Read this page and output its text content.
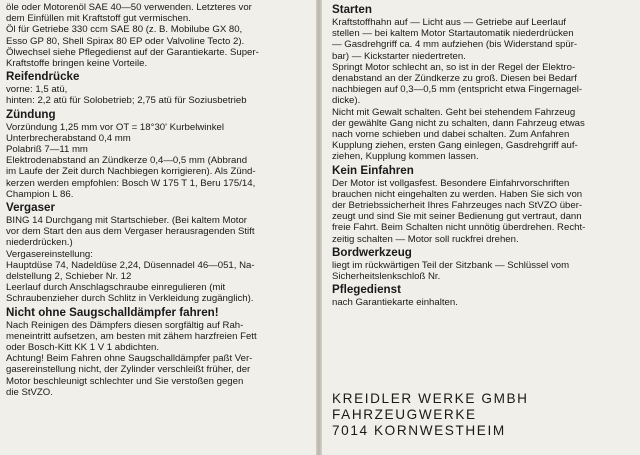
öle oder Motorenöl SAE 40—50 verwenden. Letzteres vor
dem Einfüllen mit Kraftstoff gut vermischen.
Öl für Getriebe 330 ccm SAE 80 (z. B. Mobilube GX 80,
Esso GP 80, Shell Spirax 80 EP oder Valvoline Tecto 2).
Ölwechsel siehe Pflegedienst auf der Garantiekarte. Super-
Kraftstoffe bringen keine Vorteile.

Reifendrücke

vorne: 1,5 atü,
hinten: 2,2 atü für Solobetrieb; 2,75 atü für Soziusbetrieb

Zündung

Vorzündung 1,25 mm vor OT = 18°30' Kurbelwinkel
Unterbrecherabstand 0,4 mm
Polabriß 7—11 mm
Elektrodenabstand an Zündkerze 0,4—0,5 mm (Abbrand
im Laufe der Zeit durch Nachbiegen korrigieren). Als Zünd-
kerzen werden empfohlen: Bosch W 175 T 1, Beru 175/14,
Champion L 86.

Vergaser

BING 14 Durchgang mit Startschieber. (Bei kaltem Motor
vor dem Start den aus dem Vergaser herausragenden Stift
niederdrücken.)
Vergasereinstellung:
Hauptdüse 74, Nadeldüse 2,24, Düsennadel 46—051, Na-
delstellung 2, Schieber Nr. 12
Leerlauf durch Anschlagschraube einregulieren (mit
Schraubenzieher durch Schlitz in Verkleidung zugänglich).

Nicht ohne Saugschalldämpfer fahren!

Nach Reinigen des Dämpfers diesen sorgfältig auf Rah-
meneintritt aufsetzen, am besten mit zähem harzfreien Fett
oder Bosch-Kitt KK 1 V 1 abdichten.
Achtung! Beim Fahren ohne Saugschalldämpfer paßt Ver-
gasereinstellung nicht, der Zylinder verschleißt früher, der
Motor beschleunigt schlechter und Sie verstoßen gegen
die StVZO.

Starten

Kraftstoffhahn auf — Licht aus — Getriebe auf Leerlauf
stellen — bei kaltem Motor Startautomatik niederdrücken
— Gasdrehgriff ca. 4 mm aufziehen (bis Widerstand spür-
bar) — Kickstarter niedertreten.
Springt Motor schlecht an, so ist in der Regel der Elektro-
denabstand an der Zündkerze zu groß. Diesen bei Bedarf
nachbiegen auf 0,3—0,5 mm (entspricht etwa Fingernagel-
dicke).
Nicht mit Gewalt schalten. Geht bei stehendem Fahrzeug
der gewählte Gang nicht zu schalten, dann Fahrzeug etwas
nach vorne schieben und dabei schalten. Zum Anfahren
Kupplung ziehen, ersten Gang einlegen, Gasdrehgriff auf-
ziehen, Kupplung kommen lassen.

Kein Einfahren

Der Motor ist vollgasfest. Besondere Einfahrvorschriften
brauchen nicht eingehalten zu werden. Haben Sie sich von
der Betriebssicherheit Ihres Fahrzeuges nach StVZO über-
zeugt und sind Sie mit seiner Bedienung gut vertraut, dann
freie Fahrt. Beim Schalten nicht unnötig überdrehen. Recht-
zeitig schalten — Motor soll ruckfrei drehen.

Bordwerkzeug

liegt im rückwärtigen Teil der Sitzbank — Schlüssel vom
Sicherheitslenkschloß Nr.

Pflegedienst

nach Garantiekarte einhalten.

KREIDLER WERKE GMBH
FAHRZEUGWERKE
7014 KORNWESTHEIM
